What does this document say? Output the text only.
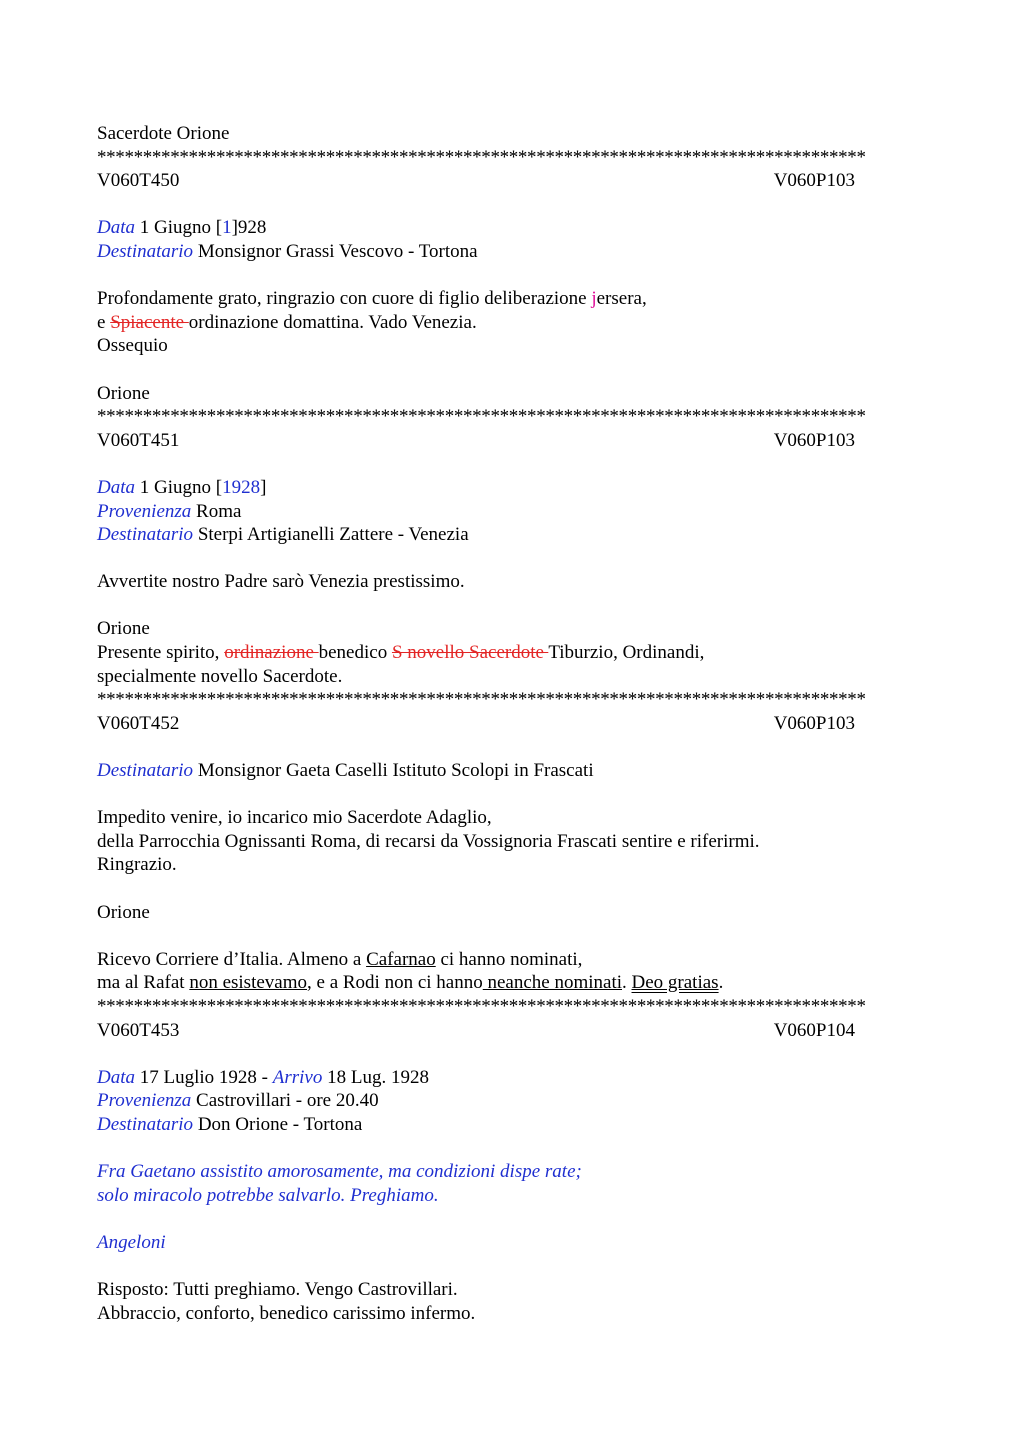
Sacerdote Orione
************************************************************************************
V060T450	V060P103
Data 1 Giugno [1]928
Destinatario Monsignor Grassi Vescovo - Tortona
Profondamente grato, ringrazio con cuore di figlio deliberazione jersera,
e Spiacente ordinazione domattina. Vado Venezia.
Ossequio
Orione
************************************************************************************
V060T451	V060P103
Data 1 Giugno [1928]
Provenienza Roma
Destinatario Sterpi Artigianelli Zattere - Venezia
Avvertite nostro Padre sarò Venezia prestissimo.
Orione
Presente spirito, ordinazione benedico S novello Sacerdote Tiburzio, Ordinandi,
specialmente novello Sacerdote.
************************************************************************************
V060T452	V060P103
Destinatario Monsignor Gaeta Caselli Istituto Scolopi in Frascati
Impedito venire, io incarico mio Sacerdote Adaglio,
della Parrocchia Ognissanti Roma, di recarsi da Vossignoria Frascati sentire e riferirmi.
Ringrazio.
Orione
Ricevo Corriere d’Italia. Almeno a Cafarnao ci hanno nominati,
ma al Rafat non esistevamo, e a Rodi non ci hanno neanche nominati. Deo gratias.
************************************************************************************
V060T453	V060P104
Data 17 Luglio 1928 - Arrivo 18 Lug. 1928
Provenienza Castrovillari - ore 20.40
Destinatario Don Orione - Tortona
Fra Gaetano assistito amorosamente, ma condizioni dispe rate;
solo miracolo potrebbe salvarlo. Preghiamo.
Angeloni
Risposto: Tutti preghiamo. Vengo Castrovillari.
Abbraccio, conforto, benedico carissimo infermo.
